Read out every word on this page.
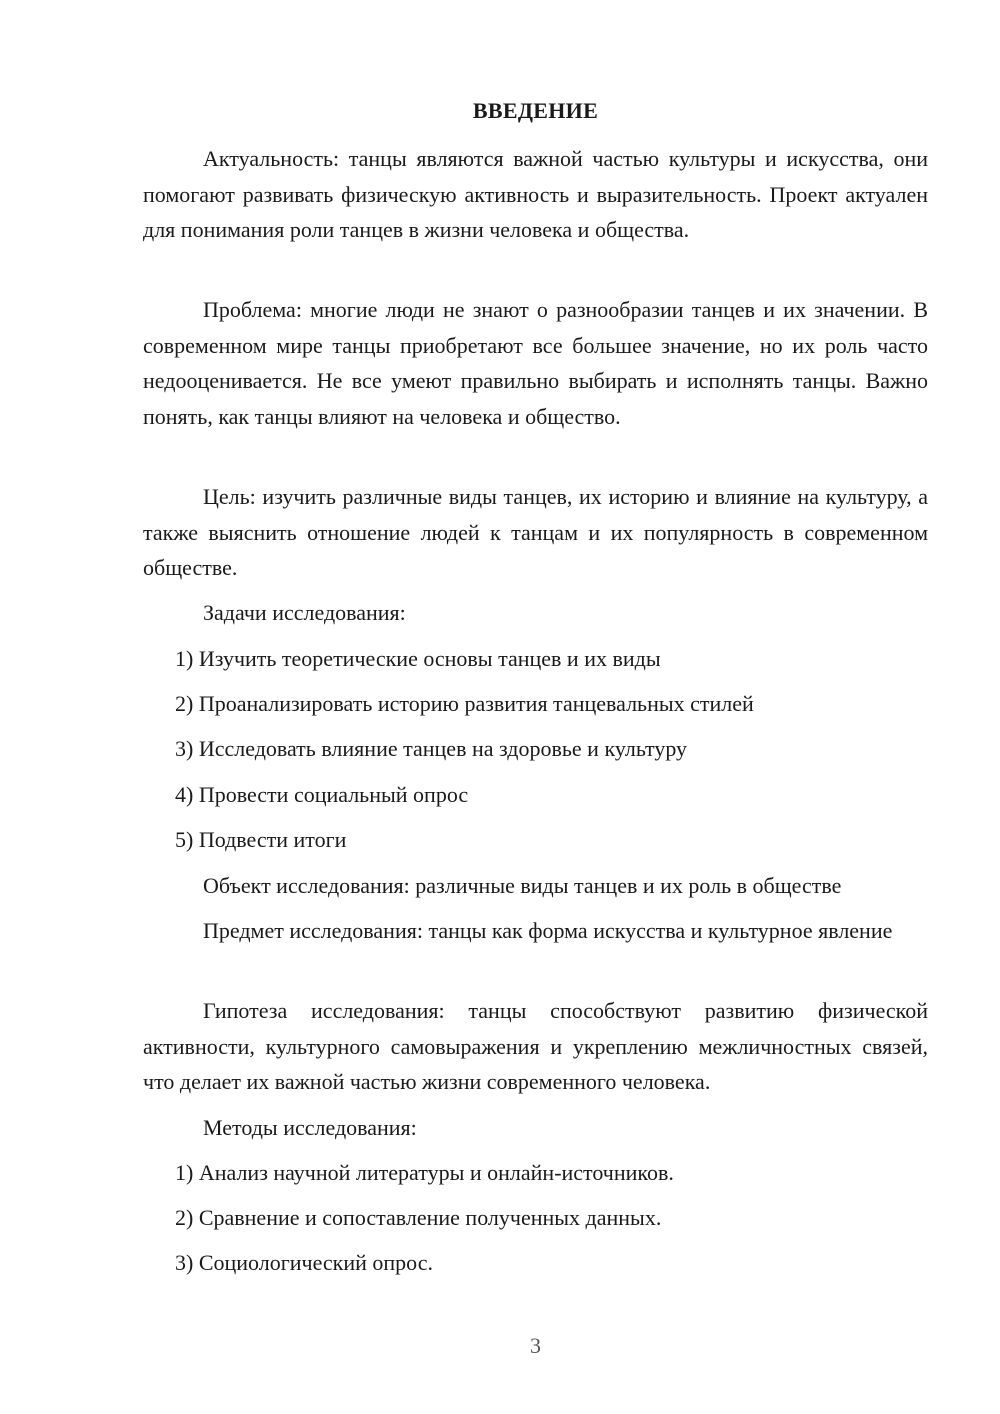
ВВЕДЕНИЕ

Актуальность: танцы являются важной частью культуры и искусства, они помогают развивать физическую активность и выразительность. Проект актуален для понимания роли танцев в жизни человека и общества.

Проблема: многие люди не знают о разнообразии танцев и их значении. В современном мире танцы приобретают все большее значение, но их роль часто недооценивается. Не все умеют правильно выбирать и исполнять танцы. Важно понять, как танцы влияют на человека и общество.

Цель: изучить различные виды танцев, их историю и влияние на культуру, а также выяснить отношение людей к танцам и их популярность в современном обществе.

Задачи исследования:
1) Изучить теоретические основы танцев и их виды
2) Проанализировать историю развития танцевальных стилей
3) Исследовать влияние танцев на здоровье и культуру
4) Провести социальный опрос
5) Подвести итоги
Объект исследования: различные виды танцев и их роль в обществе

Предмет исследования: танцы как форма искусства и культурное явление

Гипотеза исследования: танцы способствуют развитию физической активности, культурного самовыражения и укреплению межличностных связей, что делает их важной частью жизни современного человека.

Методы исследования:
1) Анализ научной литературы и онлайн-источников.
2) Сравнение и сопоставление полученных данных.
3) Социологический опрос.
3
